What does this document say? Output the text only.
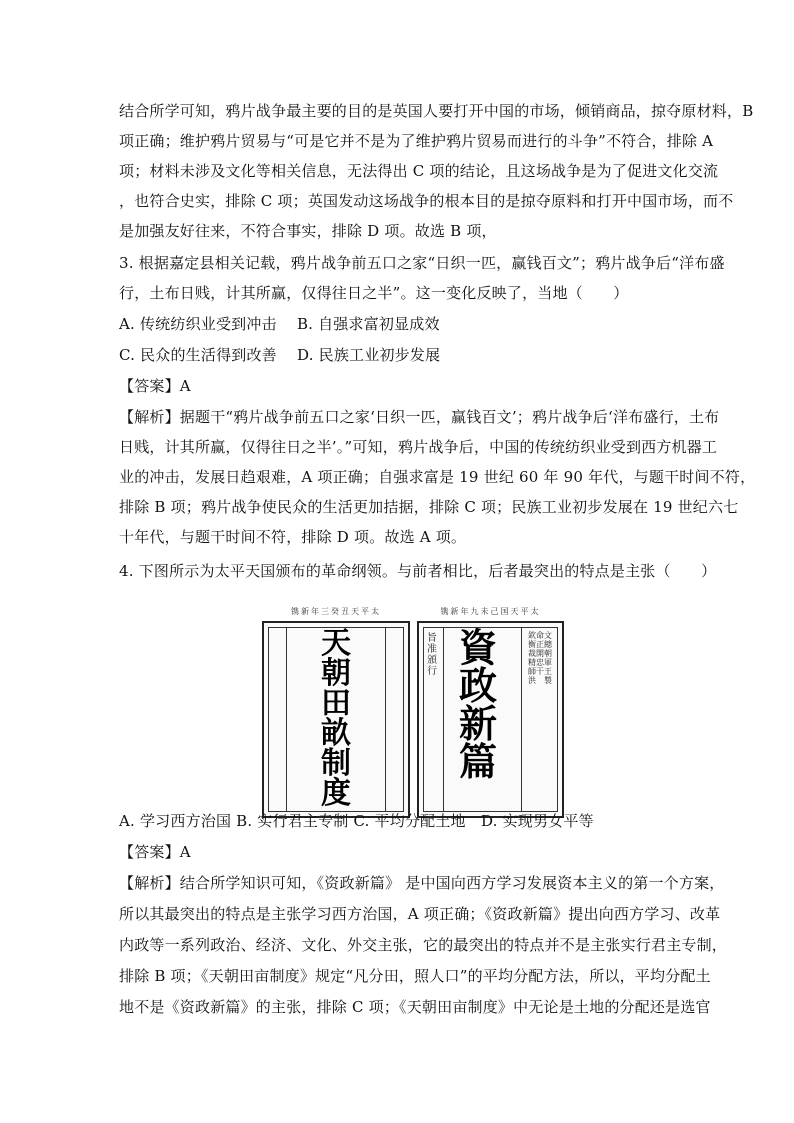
结合所学可知，鸦片战争最主要的目的是英国人要打开中国的市场，倾销商品，掠夺原材料，B
项正确；维护鸦片贸易与“可是它并不是为了维护鸦片贸易而进行的斗争”不符合，排除 A
项；材料未涉及文化等相关信息，无法得出 C 项的结论，且这场战争是为了促进文化交流
，也符合史实，排除 C 项；英国发动这场战争的根本目的是掠夺原料和打开中国市场，而不
是加强友好往来，不符合事实，排除 D 项。故选 B 项，
3. 根据嘉定县相关记载，鸦片战争前五口之家“日织一匹，赢钱百文”；鸦片战争后“洋布盛
行，土布日贱，计其所赢，仅得往日之半”。这一变化反映了，当地（　　）
A. 传统纺织业受到冲击　 B. 自强求富初显成效
C. 民众的生活得到改善　 D. 民族工业初步发展
【答案】A
【解析】据题干“鸦片战争前五口之家‘日织一匹，赢钱百文’；鸦片战争后‘洋布盛行，土布
日贱，计其所赢，仅得往日之半’。”可知，鸦片战争后，中国的传统纺织业受到西方机器工
业的冲击，发展日趋艰难，A 项正确；自强求富是 19 世纪 60 年 90 年代，与题干时间不符，
排除 B 项；鸦片战争使民众的生活更加拮据，排除 C 项；民族工业初步发展在 19 世纪六七
十年代，与题干时间不符，排除 D 项。故选 A 项。
4. 下图所示为太平天国颁布的革命纲领。与前者相比，后者最突出的特点是主张（　　）
镌新年三癸丑天平太
天
朝
田
畝
制
度
镌新年九未己国天平太
旨准頒行
資
政
新
篇
欽命文衡正總裁開朝精忠軍師干王洪　製
A. 学习西方治国 B. 实行君主专制 C. 平均分配土地　D. 实现男女平等
【答案】A
【解析】结合所学知识可知，《资政新篇》 是中国向西方学习发展资本主义的第一个方案，
所以其最突出的特点是主张学习西方治国，A 项正确；《资政新篇》提出向西方学习、改革
内政等一系列政治、经济、文化、外交主张，它的最突出的特点并不是主张实行君主专制，
排除 B 项；《天朝田亩制度》规定“凡分田，照人口”的平均分配方法，所以，平均分配土
地不是《资政新篇》的主张，排除 C 项；《天朝田亩制度》中无论是土地的分配还是选官
